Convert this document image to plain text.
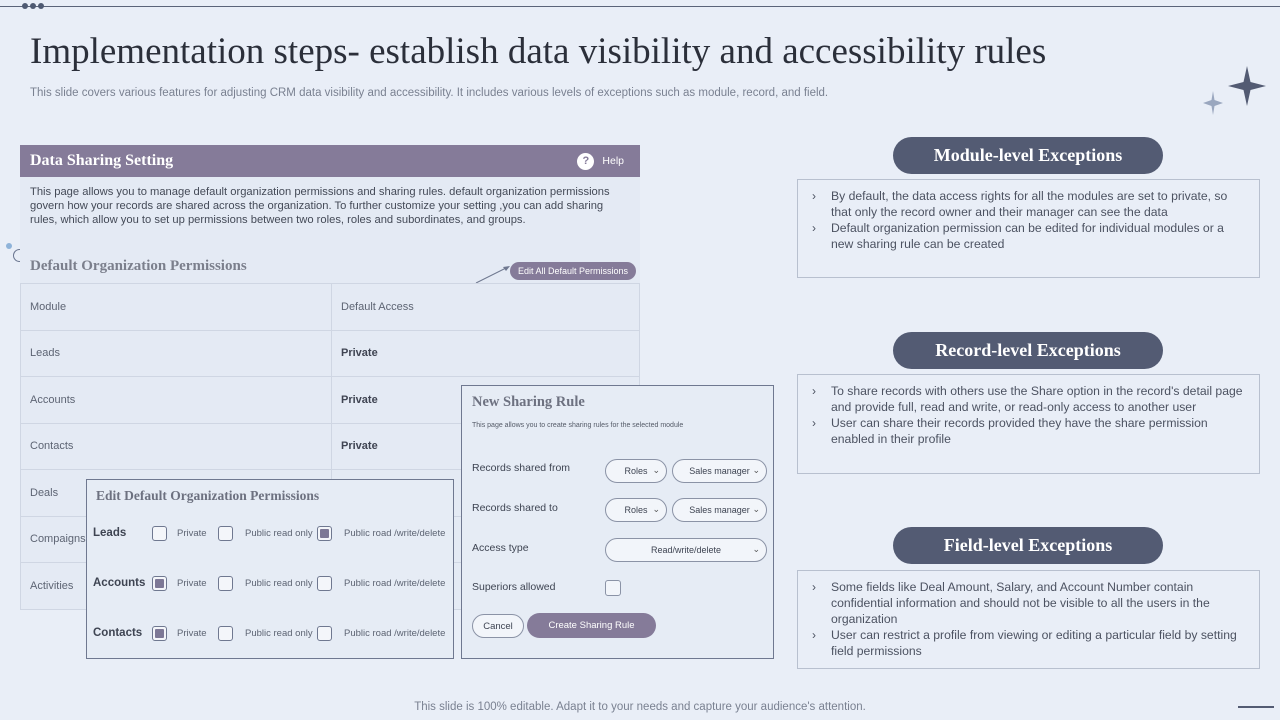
Implementation steps- establish data visibility and accessibility rules
This slide covers various features for adjusting CRM data visibility and accessibility. It includes various levels of exceptions such as module, record, and field.
Data Sharing Setting	?	Help
This page allows you to manage default organization permissions and sharing rules. default organization permissions govern how your records are shared across the organization. To further customize your setting ,you can add sharing rules, which allow you to set up permissions between two roles, roles and subordinates, and groups.
Default Organization Permissions	Edit All Default Permissions
Module	Default Access
Leads	Private
Accounts	Private
Contacts	Private
Deals	
Compaigns	
Activities	
Edit Default Organization Permissions
Leads	Private	Public read only	Public road /write/delete
Accounts	Private	Public read only	Public road /write/delete
Contacts	Private	Public read only	Public road /write/delete
New Sharing Rule
This page allows you to create sharing rules for the selected module
Records shared from	Roles ⌄	Sales manager ⌄
Records shared to	Roles ⌄	Sales manager ⌄
Access type	Read/write/delete	⌄
Superiors allowed
Cancel	Create Sharing Rule
Module-level Exceptions
›	By default, the data access rights for all the modules are set to private, so that only the record owner and their manager can see the data
›	Default organization permission can be edited for individual modules or a new sharing rule can be created
Record-level Exceptions
›	To share records with others use the Share option in the record's detail page and provide full, read and write, or read-only access to another user
›	User can share their records provided they have the share permission enabled in their profile
Field-level Exceptions
›	Some fields like Deal Amount, Salary, and Account Number contain confidential information and should not be visible to all the users in the organization
›	User can restrict a profile from viewing or editing a particular field by setting field permissions
This slide is 100% editable. Adapt it to your needs and capture your audience's attention.
